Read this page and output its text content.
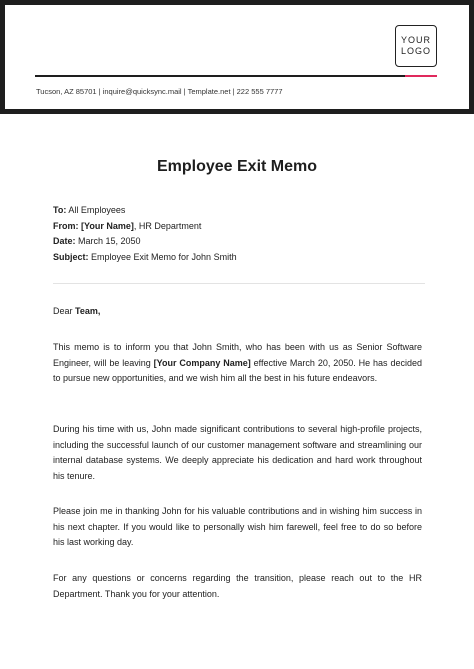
YOUR
LOGO
Tucson, AZ 85701 | inquire@quicksync.mail | Template.net | 222 555 7777
Employee Exit Memo
To: All Employees
From: [Your Name], HR Department
Date: March 15, 2050
Subject: Employee Exit Memo for John Smith
Dear Team,
This memo is to inform you that John Smith, who has been with us as Senior Software Engineer, will be leaving [Your Company Name] effective March 20, 2050. He has decided to pursue new opportunities, and we wish him all the best in his future endeavors.
During his time with us, John made significant contributions to several high-profile projects, including the successful launch of our customer management software and streamlining our internal database systems. We deeply appreciate his dedication and hard work throughout his tenure.
Please join me in thanking John for his valuable contributions and in wishing him success in his next chapter. If you would like to personally wish him farewell, feel free to do so before his last working day.
For any questions or concerns regarding the transition, please reach out to the HR Department. Thank you for your attention.
